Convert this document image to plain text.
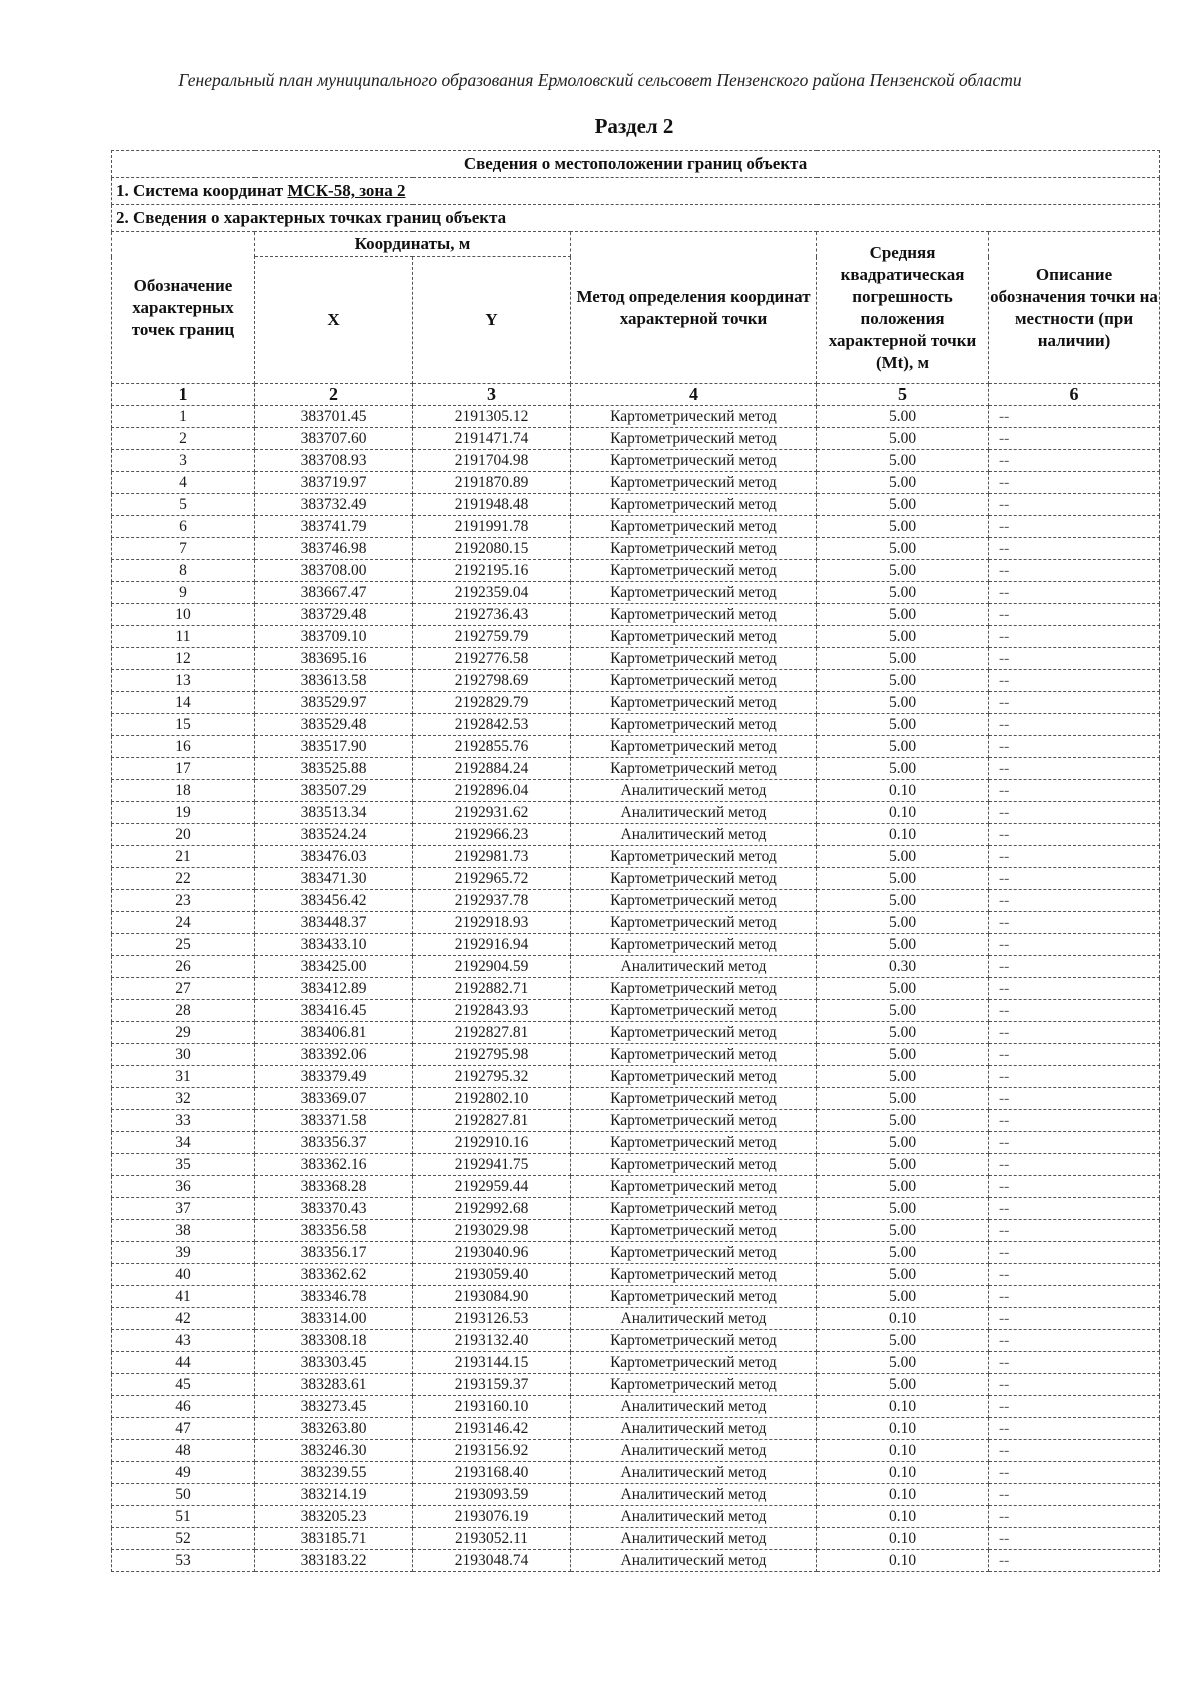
Генеральный план муниципального образования Ермоловский сельсовет Пензенского района Пензенской области
Раздел 2
Сведения о местоположении границ объекта					
1. Система координат МСК-58, зона 2					
2. Сведения о характерных точках границ объекта					
Обозначение характерных точек границ	Координаты, м		Метод определения координат характерной точки	Средняя квадратическая погрешность положения характерной точки (Mt), м	Описание обозначения точки на местности (при наличии)
	X	Y			
1	2	3	4	5	6
1	383701.45	2191305.12	Картометрический метод	5.00	--
2	383707.60	2191471.74	Картометрический метод	5.00	--
3	383708.93	2191704.98	Картометрический метод	5.00	--
4	383719.97	2191870.89	Картометрический метод	5.00	--
5	383732.49	2191948.48	Картометрический метод	5.00	--
6	383741.79	2191991.78	Картометрический метод	5.00	--
7	383746.98	2192080.15	Картометрический метод	5.00	--
8	383708.00	2192195.16	Картометрический метод	5.00	--
9	383667.47	2192359.04	Картометрический метод	5.00	--
10	383729.48	2192736.43	Картометрический метод	5.00	--
11	383709.10	2192759.79	Картометрический метод	5.00	--
12	383695.16	2192776.58	Картометрический метод	5.00	--
13	383613.58	2192798.69	Картометрический метод	5.00	--
14	383529.97	2192829.79	Картометрический метод	5.00	--
15	383529.48	2192842.53	Картометрический метод	5.00	--
16	383517.90	2192855.76	Картометрический метод	5.00	--
17	383525.88	2192884.24	Картометрический метод	5.00	--
18	383507.29	2192896.04	Аналитический метод	0.10	--
19	383513.34	2192931.62	Аналитический метод	0.10	--
20	383524.24	2192966.23	Аналитический метод	0.10	--
21	383476.03	2192981.73	Картометрический метод	5.00	--
22	383471.30	2192965.72	Картометрический метод	5.00	--
23	383456.42	2192937.78	Картометрический метод	5.00	--
24	383448.37	2192918.93	Картометрический метод	5.00	--
25	383433.10	2192916.94	Картометрический метод	5.00	--
26	383425.00	2192904.59	Аналитический метод	0.30	--
27	383412.89	2192882.71	Картометрический метод	5.00	--
28	383416.45	2192843.93	Картометрический метод	5.00	--
29	383406.81	2192827.81	Картометрический метод	5.00	--
30	383392.06	2192795.98	Картометрический метод	5.00	--
31	383379.49	2192795.32	Картометрический метод	5.00	--
32	383369.07	2192802.10	Картометрический метод	5.00	--
33	383371.58	2192827.81	Картометрический метод	5.00	--
34	383356.37	2192910.16	Картометрический метод	5.00	--
35	383362.16	2192941.75	Картометрический метод	5.00	--
36	383368.28	2192959.44	Картометрический метод	5.00	--
37	383370.43	2192992.68	Картометрический метод	5.00	--
38	383356.58	2193029.98	Картометрический метод	5.00	--
39	383356.17	2193040.96	Картометрический метод	5.00	--
40	383362.62	2193059.40	Картометрический метод	5.00	--
41	383346.78	2193084.90	Картометрический метод	5.00	--
42	383314.00	2193126.53	Аналитический метод	0.10	--
43	383308.18	2193132.40	Картометрический метод	5.00	--
44	383303.45	2193144.15	Картометрический метод	5.00	--
45	383283.61	2193159.37	Картометрический метод	5.00	--
46	383273.45	2193160.10	Аналитический метод	0.10	--
47	383263.80	2193146.42	Аналитический метод	0.10	--
48	383246.30	2193156.92	Аналитический метод	0.10	--
49	383239.55	2193168.40	Аналитический метод	0.10	--
50	383214.19	2193093.59	Аналитический метод	0.10	--
51	383205.23	2193076.19	Аналитический метод	0.10	--
52	383185.71	2193052.11	Аналитический метод	0.10	--
53	383183.22	2193048.74	Аналитический метод	0.10	--
